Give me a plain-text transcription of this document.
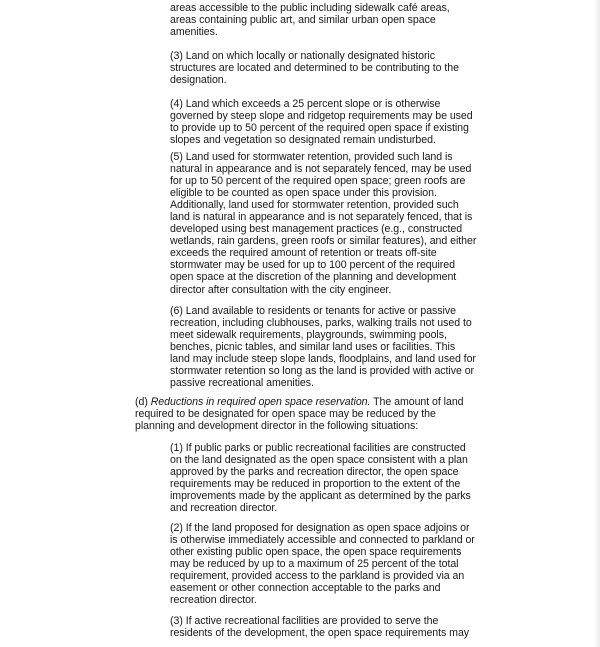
areas accessible to the public including sidewalk café areas,
areas containing public art, and similar urban open space
amenities.

(3) Land on which locally or nationally designated historic
structures are located and determined to be contributing to the
designation.

(4) Land which exceeds a 25 percent slope or is otherwise
governed by steep slope and ridgetop requirements may be used
to provide up to 50 percent of the required open space if existing
slopes and vegetation so designated remain undisturbed.

(5) Land used for stormwater retention, provided such land is
natural in appearance and is not separately fenced, may be used
for up to 50 percent of the required open space; green roofs are
eligible to be counted as open space under this provision.
Additionally, land used for stormwater retention, provided such
land is natural in appearance and is not separately fenced, that is
developed using best management practices (e.g., constructed
wetlands, rain gardens, green roofs or similar features), and either
exceeds the required amount of retention or treats off-site
stormwater may be used for up to 100 percent of the required
open space at the discretion of the planning and development
director after consultation with the city engineer.

(6) Land available to residents or tenants for active or passive
recreation, including clubhouses, parks, walking trails not used to
meet sidewalk requirements, playgrounds, swimming pools,
benches, picnic tables, and similar land uses or facilities. This
land may include steep slope lands, floodplains, and land used for
stormwater retention so long as the land is provided with active or
passive recreational amenities.

(d) Reductions in required open space reservation. The amount of land
required to be designated for open space may be reduced by the
planning and development director in the following situations:

(1) If public parks or public recreational facilities are constructed
on the land designated as the open space consistent with a plan
approved by the parks and recreation director, the open space
requirements may be reduced in proportion to the extent of the
improvements made by the applicant as determined by the parks
and recreation director.

(2) If the land proposed for designation as open space adjoins or
is otherwise immediately accessible and connected to parkland or
other existing public open space, the open space requirements
may be reduced by up to a maximum of 25 percent of the total
requirement, provided access to the parkland is provided via an
easement or other connection acceptable to the parks and
recreation director.

(3) If active recreational facilities are provided to serve the
residents of the development, the open space requirements may
